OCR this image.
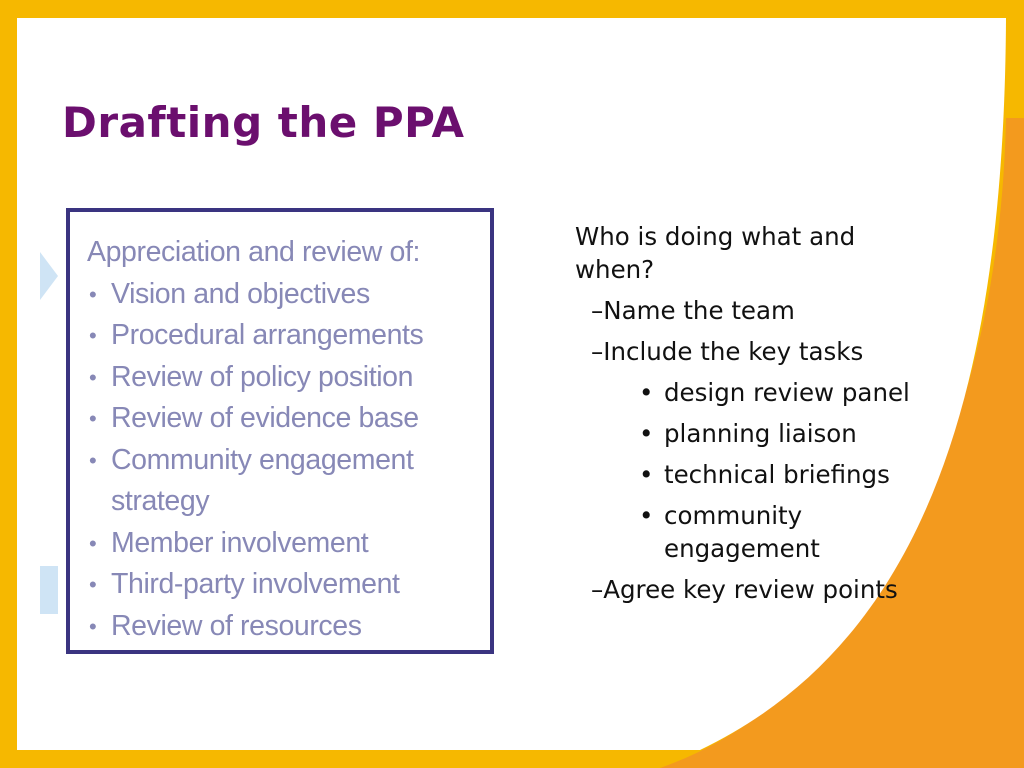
Drafting the PPA
Appreciation and review of:
• Vision and objectives
• Procedural arrangements
• Review of policy position
• Review of evidence base
• Community engagement strategy
• Member involvement
• Third-party involvement
• Review of resources

Who is doing what and when?

–Name the team
–Include the key tasks
• design review panel
• planning liaison
• technical briefings
• community engagement
–Agree key review points
